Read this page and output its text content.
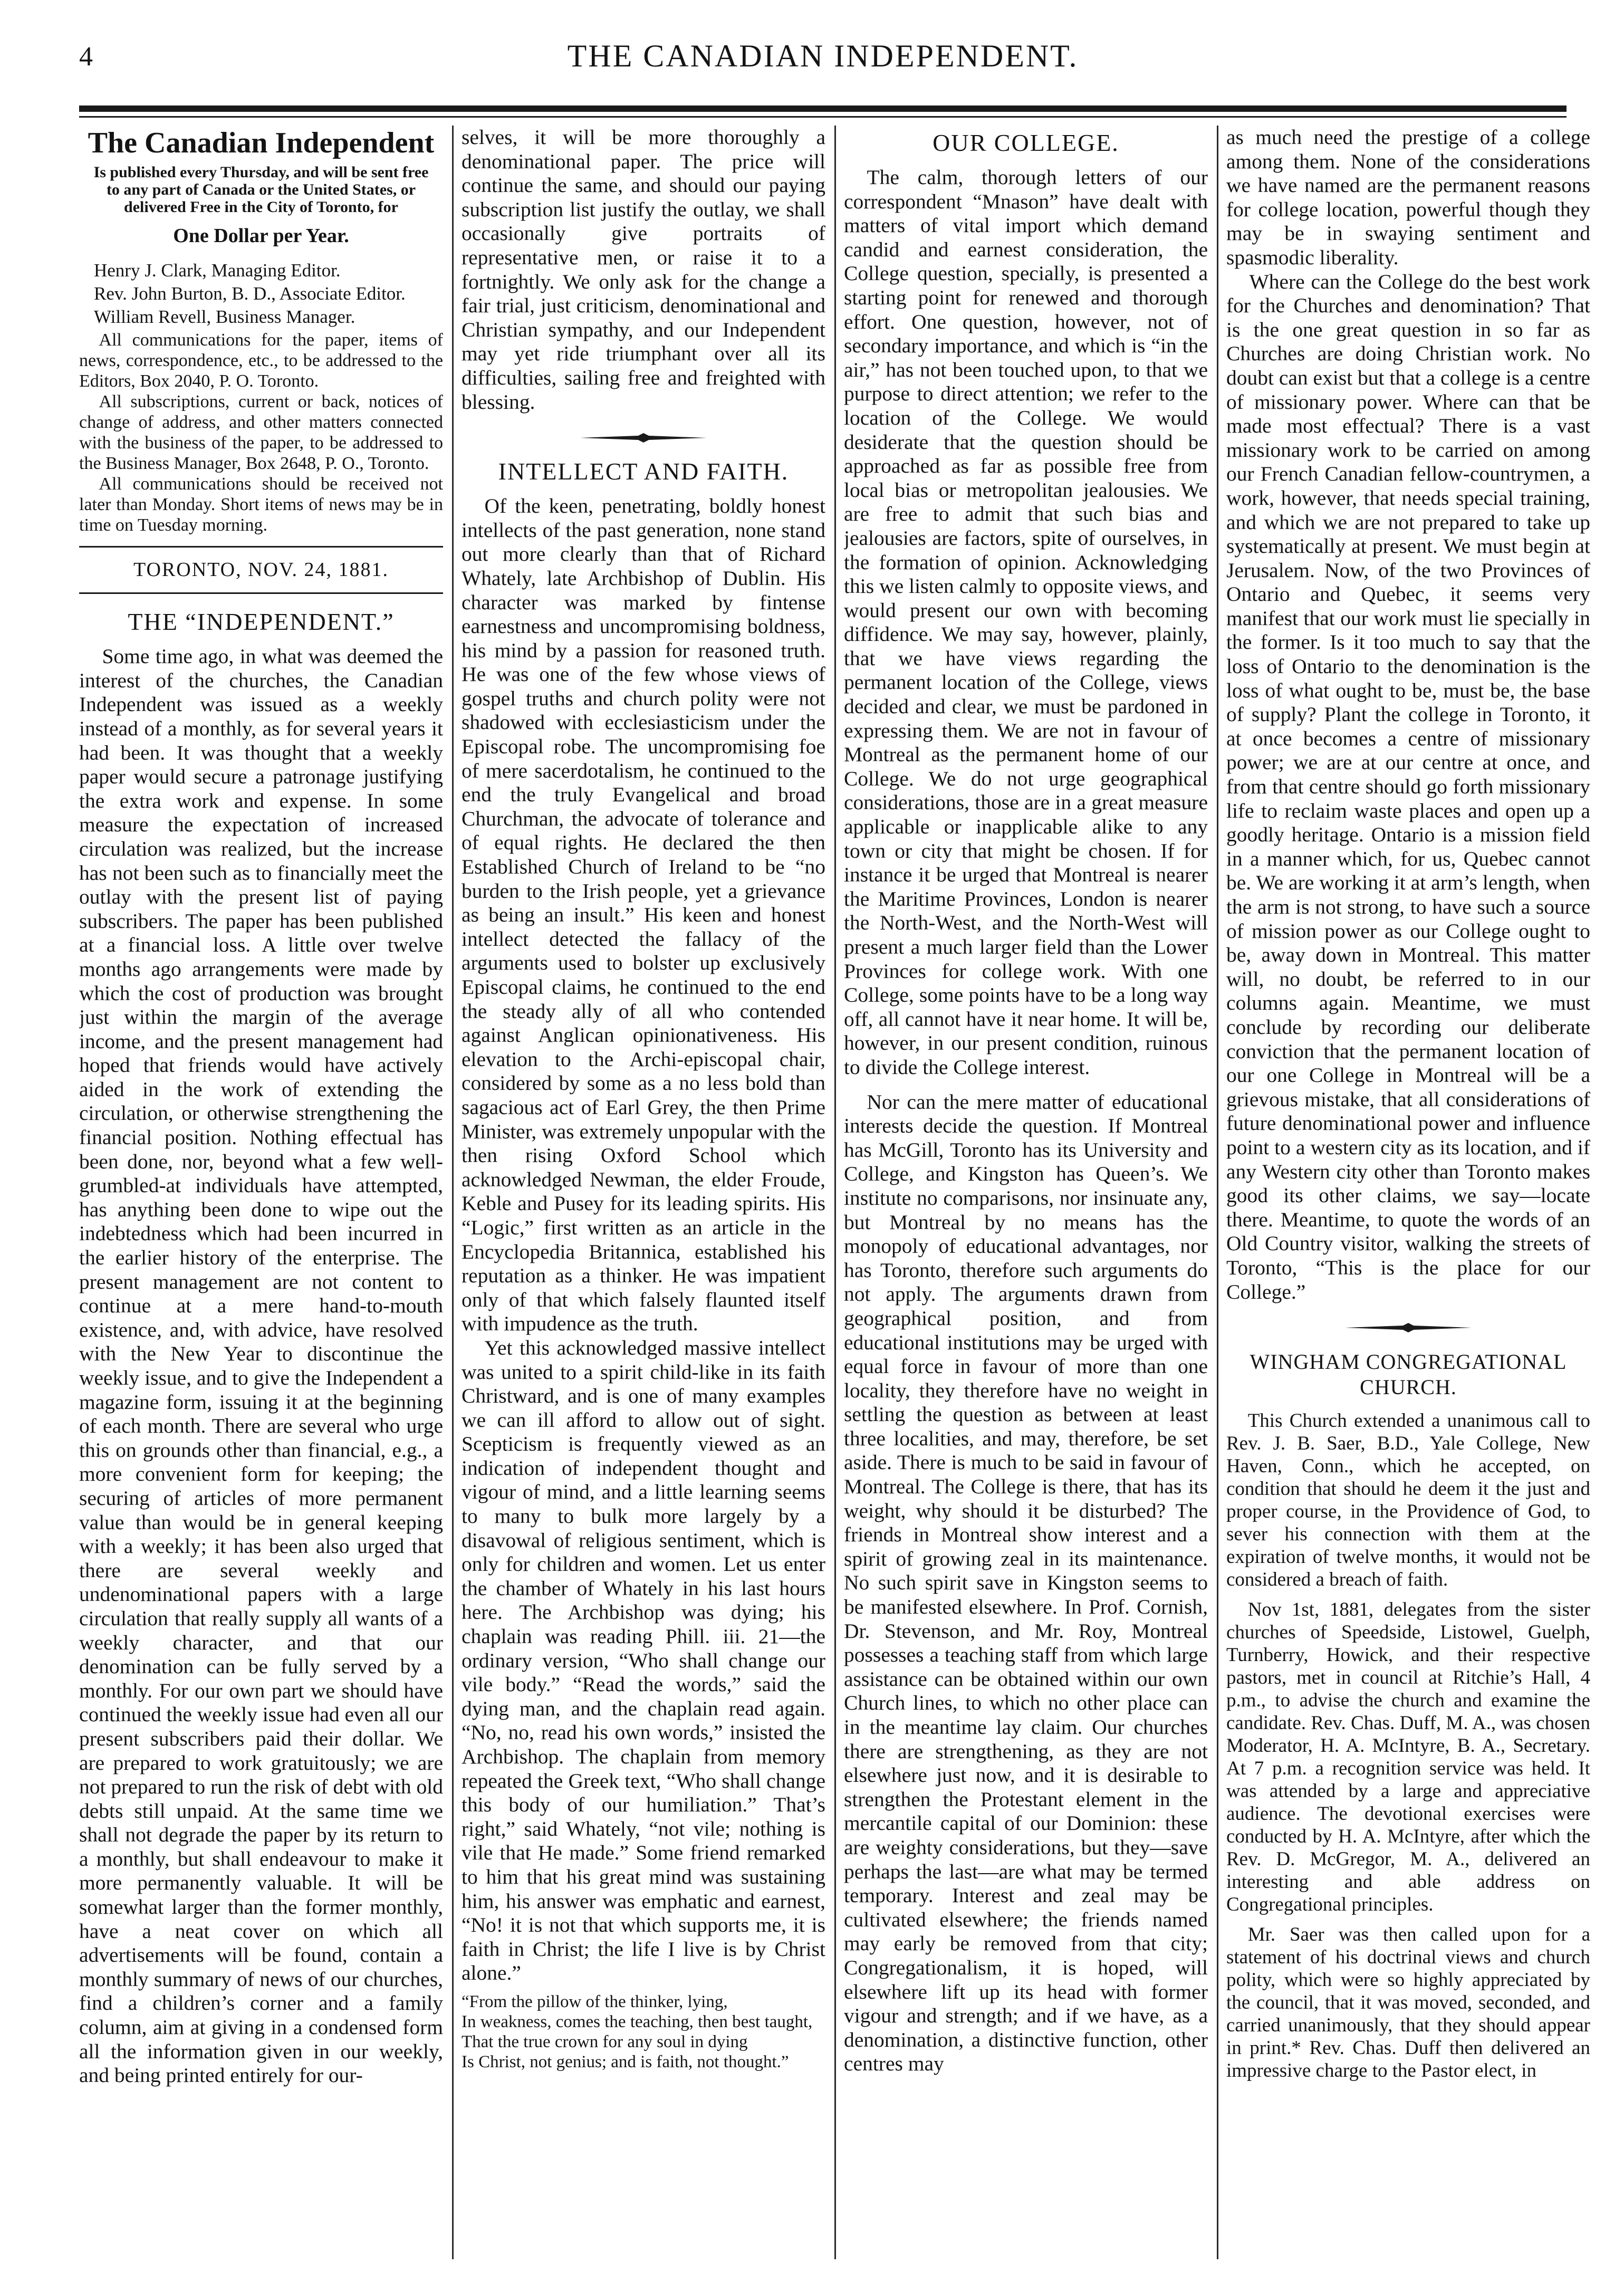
4	THE CANADIAN INDEPENDENT.
The Canadian Independent
Is published every Thursday, and will be sent free to any part of Canada or the United States, or delivered Free in the City of Toronto, for
One Dollar per Year.
Henry J. Clark, Managing Editor.
Rev. John Burton, B. D., Associate Editor.
William Revell, Business Manager.

All communications for the paper, items of news, correspondence, etc., to be addressed to the Editors, Box 2040, P. O. Toronto.

All subscriptions, current or back, notices of change of address, and other matters connected with the business of the paper, to be addressed to the Business Manager, Box 2648, P. O., Toronto.

All communications should be received not later than Monday. Short items of news may be in time on Tuesday morning.

TORONTO, NOV. 24, 1881.
THE “INDEPENDENT.”

Some time ago, in what was deemed the interest of the churches, the Canadian Independent was issued as a weekly instead of a monthly, as for several years it had been. It was thought that a weekly paper would secure a patronage justifying the extra work and expense. In some measure the expectation of increased circulation was realized, but the increase has not been such as to financially meet the outlay with the present list of paying subscribers. The paper has been published at a financial loss. A little over twelve months ago arrangements were made by which the cost of production was brought just within the margin of the average income, and the present management had hoped that friends would have actively aided in the work of extending the circulation, or otherwise strengthening the financial position. Nothing effectual has been done, nor, beyond what a few well-grumbled-at individuals have attempted, has anything been done to wipe out the indebtedness which had been incurred in the earlier history of the enterprise. The present management are not content to continue at a mere hand-to-mouth existence, and, with advice, have resolved with the New Year to discontinue the weekly issue, and to give the Independent a magazine form, issuing it at the beginning of each month. There are several who urge this on grounds other than financial, e.g., a more convenient form for keeping; the securing of articles of more permanent value than would be in general keeping with a weekly; it has been also urged that there are several weekly and undenominational papers with a large circulation that really supply all wants of a weekly character, and that our denomination can be fully served by a monthly. For our own part we should have continued the weekly issue had even all our present subscribers paid their dollar. We are prepared to work gratuitously; we are not prepared to run the risk of debt with old debts still unpaid. At the same time we shall not degrade the paper by its return to a monthly, but shall endeavour to make it more permanently valuable. It will be somewhat larger than the former monthly, have a neat cover on which all advertisements will be found, contain a monthly summary of news of our churches, find a children’s corner and a family column, aim at giving in a condensed form all the information given in our weekly, and being printed entirely for our-

selves, it will be more thoroughly a denominational paper. The price will continue the same, and should our paying subscription list justify the outlay, we shall occasionally give portraits of representative men, or raise it to a fortnightly. We only ask for the change a fair trial, just criticism, denominational and Christian sympathy, and our Independent may yet ride triumphant over all its difficulties, sailing free and freighted with blessing.

INTELLECT AND FAITH.

Of the keen, penetrating, boldly honest intellects of the past generation, none stand out more clearly than that of Richard Whately, late Archbishop of Dublin. His character was marked by fintense earnestness and uncompromising boldness, his mind by a passion for reasoned truth. He was one of the few whose views of gospel truths and church polity were not shadowed with ecclesiasticism under the Episcopal robe. The uncompromising foe of mere sacerdotalism, he continued to the end the truly Evangelical and broad Churchman, the advocate of tolerance and of equal rights. He declared the then Established Church of Ireland to be “no burden to the Irish people, yet a grievance as being an insult.” His keen and honest intellect detected the fallacy of the arguments used to bolster up exclusively Episcopal claims, he continued to the end the steady ally of all who contended against Anglican opinionativeness. His elevation to the Archi-episcopal chair, considered by some as a no less bold than sagacious act of Earl Grey, the then Prime Minister, was extremely unpopular with the then rising Oxford School which acknowledged Newman, the elder Froude, Keble and Pusey for its leading spirits. His “Logic,” first written as an article in the Encyclopedia Britannica, established his reputation as a thinker. He was impatient only of that which falsely flaunted itself with impudence as the truth.

Yet this acknowledged massive intellect was united to a spirit child-like in its faith Christward, and is one of many examples we can ill afford to allow out of sight. Scepticism is frequently viewed as an indication of independent thought and vigour of mind, and a little learning seems to many to bulk more largely by a disavowal of religious sentiment, which is only for children and women. Let us enter the chamber of Whately in his last hours here. The Archbishop was dying; his chaplain was reading Phill. iii. 21—the ordinary version, “Who shall change our vile body.” “Read the words,” said the dying man, and the chaplain read again. “No, no, read his own words,” insisted the Archbishop. The chaplain from memory repeated the Greek text, “Who shall change this body of our humiliation.” That’s right,” said Whately, “not vile; nothing is vile that He made.” Some friend remarked to him that his great mind was sustaining him, his answer was emphatic and earnest, “No! it is not that which supports me, it is faith in Christ; the life I live is by Christ alone.”

“From the pillow of the thinker, lying,
In weakness, comes the teaching, then best taught,
That the true crown for any soul in dying
Is Christ, not genius; and is faith, not thought.”
OUR COLLEGE.

The calm, thorough letters of our correspondent “Mnason” have dealt with matters of vital import which demand candid and earnest consideration, the College question, specially, is presented a starting point for renewed and thorough effort. One question, however, not of secondary importance, and which is “in the air,” has not been touched upon, to that we purpose to direct attention; we refer to the location of the College. We would desiderate that the question should be approached as far as possible free from local bias or metropolitan jealousies. We are free to admit that such bias and jealousies are factors, spite of ourselves, in the formation of opinion. Acknowledging this we listen calmly to opposite views, and would present our own with becoming diffidence. We may say, however, plainly, that we have views regarding the permanent location of the College, views decided and clear, we must be pardoned in expressing them. We are not in favour of Montreal as the permanent home of our College. We do not urge geographical considerations, those are in a great measure applicable or inapplicable alike to any town or city that might be chosen. If for instance it be urged that Montreal is nearer the Maritime Provinces, London is nearer the North-West, and the North-West will present a much larger field than the Lower Provinces for college work. With one College, some points have to be a long way off, all cannot have it near home. It will be, however, in our present condition, ruinous to divide the College interest.

Nor can the mere matter of educational interests decide the question. If Montreal has McGill, Toronto has its University and College, and Kingston has Queen’s. We institute no comparisons, nor insinuate any, but Montreal by no means has the monopoly of educational advantages, nor has Toronto, therefore such arguments do not apply. The arguments drawn from geographical position, and from educational institutions may be urged with equal force in favour of more than one locality, they therefore have no weight in settling the question as between at least three localities, and may, therefore, be set aside. There is much to be said in favour of Montreal. The College is there, that has its weight, why should it be disturbed? The friends in Montreal show interest and a spirit of growing zeal in its maintenance. No such spirit save in Kingston seems to be manifested elsewhere. In Prof. Cornish, Dr. Stevenson, and Mr. Roy, Montreal possesses a teaching staff from which large assistance can be obtained within our own Church lines, to which no other place can in the meantime lay claim. Our churches there are strengthening, as they are not elsewhere just now, and it is desirable to strengthen the Protestant element in the mercantile capital of our Dominion: these are weighty considerations, but they—save perhaps the last—are what may be termed temporary. Interest and zeal may be cultivated elsewhere; the friends named may early be removed from that city; Congregationalism, it is hoped, will elsewhere lift up its head with former vigour and strength; and if we have, as a denomination, a distinctive function, other centres may

as much need the prestige of a college among them. None of the considerations we have named are the permanent reasons for college location, powerful though they may be in swaying sentiment and spasmodic liberality.

Where can the College do the best work for the Churches and denomination? That is the one great question in so far as Churches are doing Christian work. No doubt can exist but that a college is a centre of missionary power. Where can that be made most effectual? There is a vast missionary work to be carried on among our French Canadian fellow-countrymen, a work, however, that needs special training, and which we are not prepared to take up systematically at present. We must begin at Jerusalem. Now, of the two Provinces of Ontario and Quebec, it seems very manifest that our work must lie specially in the former. Is it too much to say that the loss of Ontario to the denomination is the loss of what ought to be, must be, the base of supply? Plant the college in Toronto, it at once becomes a centre of missionary power; we are at our centre at once, and from that centre should go forth missionary life to reclaim waste places and open up a goodly heritage. Ontario is a mission field in a manner which, for us, Quebec cannot be. We are working it at arm’s length, when the arm is not strong, to have such a source of mission power as our College ought to be, away down in Montreal. This matter will, no doubt, be referred to in our columns again. Meantime, we must conclude by recording our deliberate conviction that the permanent location of our one College in Montreal will be a grievous mistake, that all considerations of future denominational power and influence point to a western city as its location, and if any Western city other than Toronto makes good its other claims, we say—locate there. Meantime, to quote the words of an Old Country visitor, walking the streets of Toronto, “This is the place for our College.”

WINGHAM CONGREGATIONAL CHURCH.

This Church extended a unanimous call to Rev. J. B. Saer, B.D., Yale College, New Haven, Conn., which he accepted, on condition that should he deem it the just and proper course, in the Providence of God, to sever his connection with them at the expiration of twelve months, it would not be considered a breach of faith.

Nov 1st, 1881, delegates from the sister churches of Speedside, Listowel, Guelph, Turnberry, Howick, and their respective pastors, met in council at Ritchie’s Hall, 4 p.m., to advise the church and examine the candidate. Rev. Chas. Duff, M. A., was chosen Moderator, H. A. McIntyre, B. A., Secretary. At 7 p.m. a recognition service was held. It was attended by a large and appreciative audience. The devotional exercises were conducted by H. A. McIntyre, after which the Rev. D. McGregor, M. A., delivered an interesting and able address on Congregational principles.

Mr. Saer was then called upon for a statement of his doctrinal views and church polity, which were so highly appreciated by the council, that it was moved, seconded, and carried unanimously, that they should appear in print.* Rev. Chas. Duff then delivered an impressive charge to the Pastor elect, in
